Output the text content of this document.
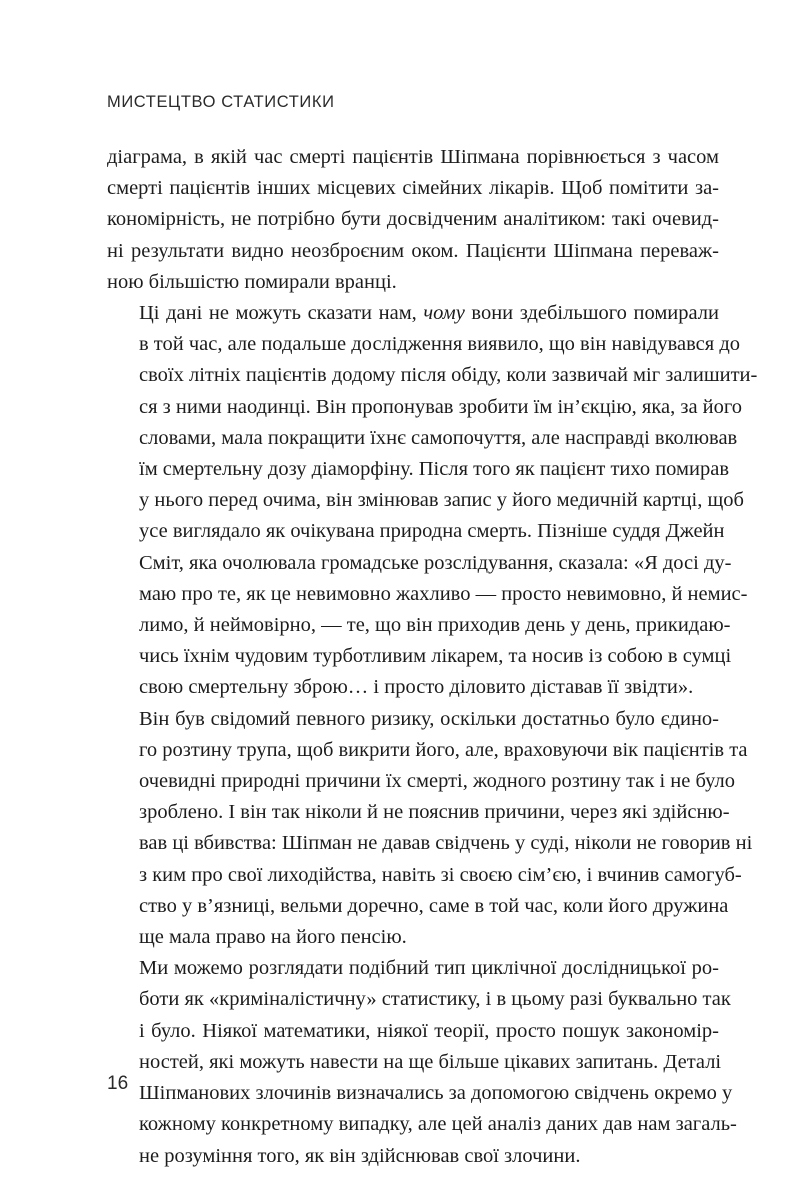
МИСТЕЦТВО СТАТИСТИКИ

діаграма, в якій час смерті пацієнтів Шіпмана порівнюється з часом
смерті пацієнтів інших місцевих сімейних лікарів. Щоб помітити за-
кономірність, не потрібно бути досвідченим аналітиком: такі очевид-
ні результати видно неозброєним оком. Пацієнти Шіпмана переваж-
ною більшістю помирали вранці.

Ці дані не можуть сказати нам, чому вони здебільшого помирали
в той час, але подальше дослідження виявило, що він навідувався до
своїх літніх пацієнтів додому після обіду, коли зазвичай міг залишити-
ся з ними наодинці. Він пропонував зробити їм ін’єкцію, яка, за його
словами, мала покращити їхнє самопочуття, але насправді вколював
їм смертельну дозу діаморфіну. Після того як пацієнт тихо помирав
у нього перед очима, він змінював запис у його медичній картці, щоб
усе виглядало як очікувана природна смерть. Пізніше суддя Джейн
Сміт, яка очолювала громадське розслідування, сказала: «Я досі ду-
маю про те, як це невимовно жахливо — просто невимовно, й немис-
лимо, й неймовірно, — те, що він приходив день у день, прикидаю-
чись їхнім чудовим турботливим лікарем, та носив із собою в сумці
свою смертельну зброю… і просто діловито діставав її звідти».

Він був свідомий певного ризику, оскільки достатньо було єдино-
го розтину трупа, щоб викрити його, але, враховуючи вік пацієнтів та
очевидні природні причини їх смерті, жодного розтину так і не було
зроблено. І він так ніколи й не пояснив причини, через які здійсню-
вав ці вбивства: Шіпман не давав свідчень у суді, ніколи не говорив ні
з ким про свої лиходійства, навіть зі своєю сім’єю, і вчинив самогуб-
ство у в’язниці, вельми доречно, саме в той час, коли його дружина
ще мала право на його пенсію.

Ми можемо розглядати подібний тип циклічної дослідницької ро-
боти як «криміналістичну» статистику, і в цьому разі буквально так
і було. Ніякої математики, ніякої теорії, просто пошук закономір-
ностей, які можуть навести на ще більше цікавих запитань. Деталі
Шіпманових злочинів визначались за допомогою свідчень окремо у
кожному конкретному випадку, але цей аналіз даних дав нам загаль-
не розуміння того, як він здійснював свої злочини.

16
